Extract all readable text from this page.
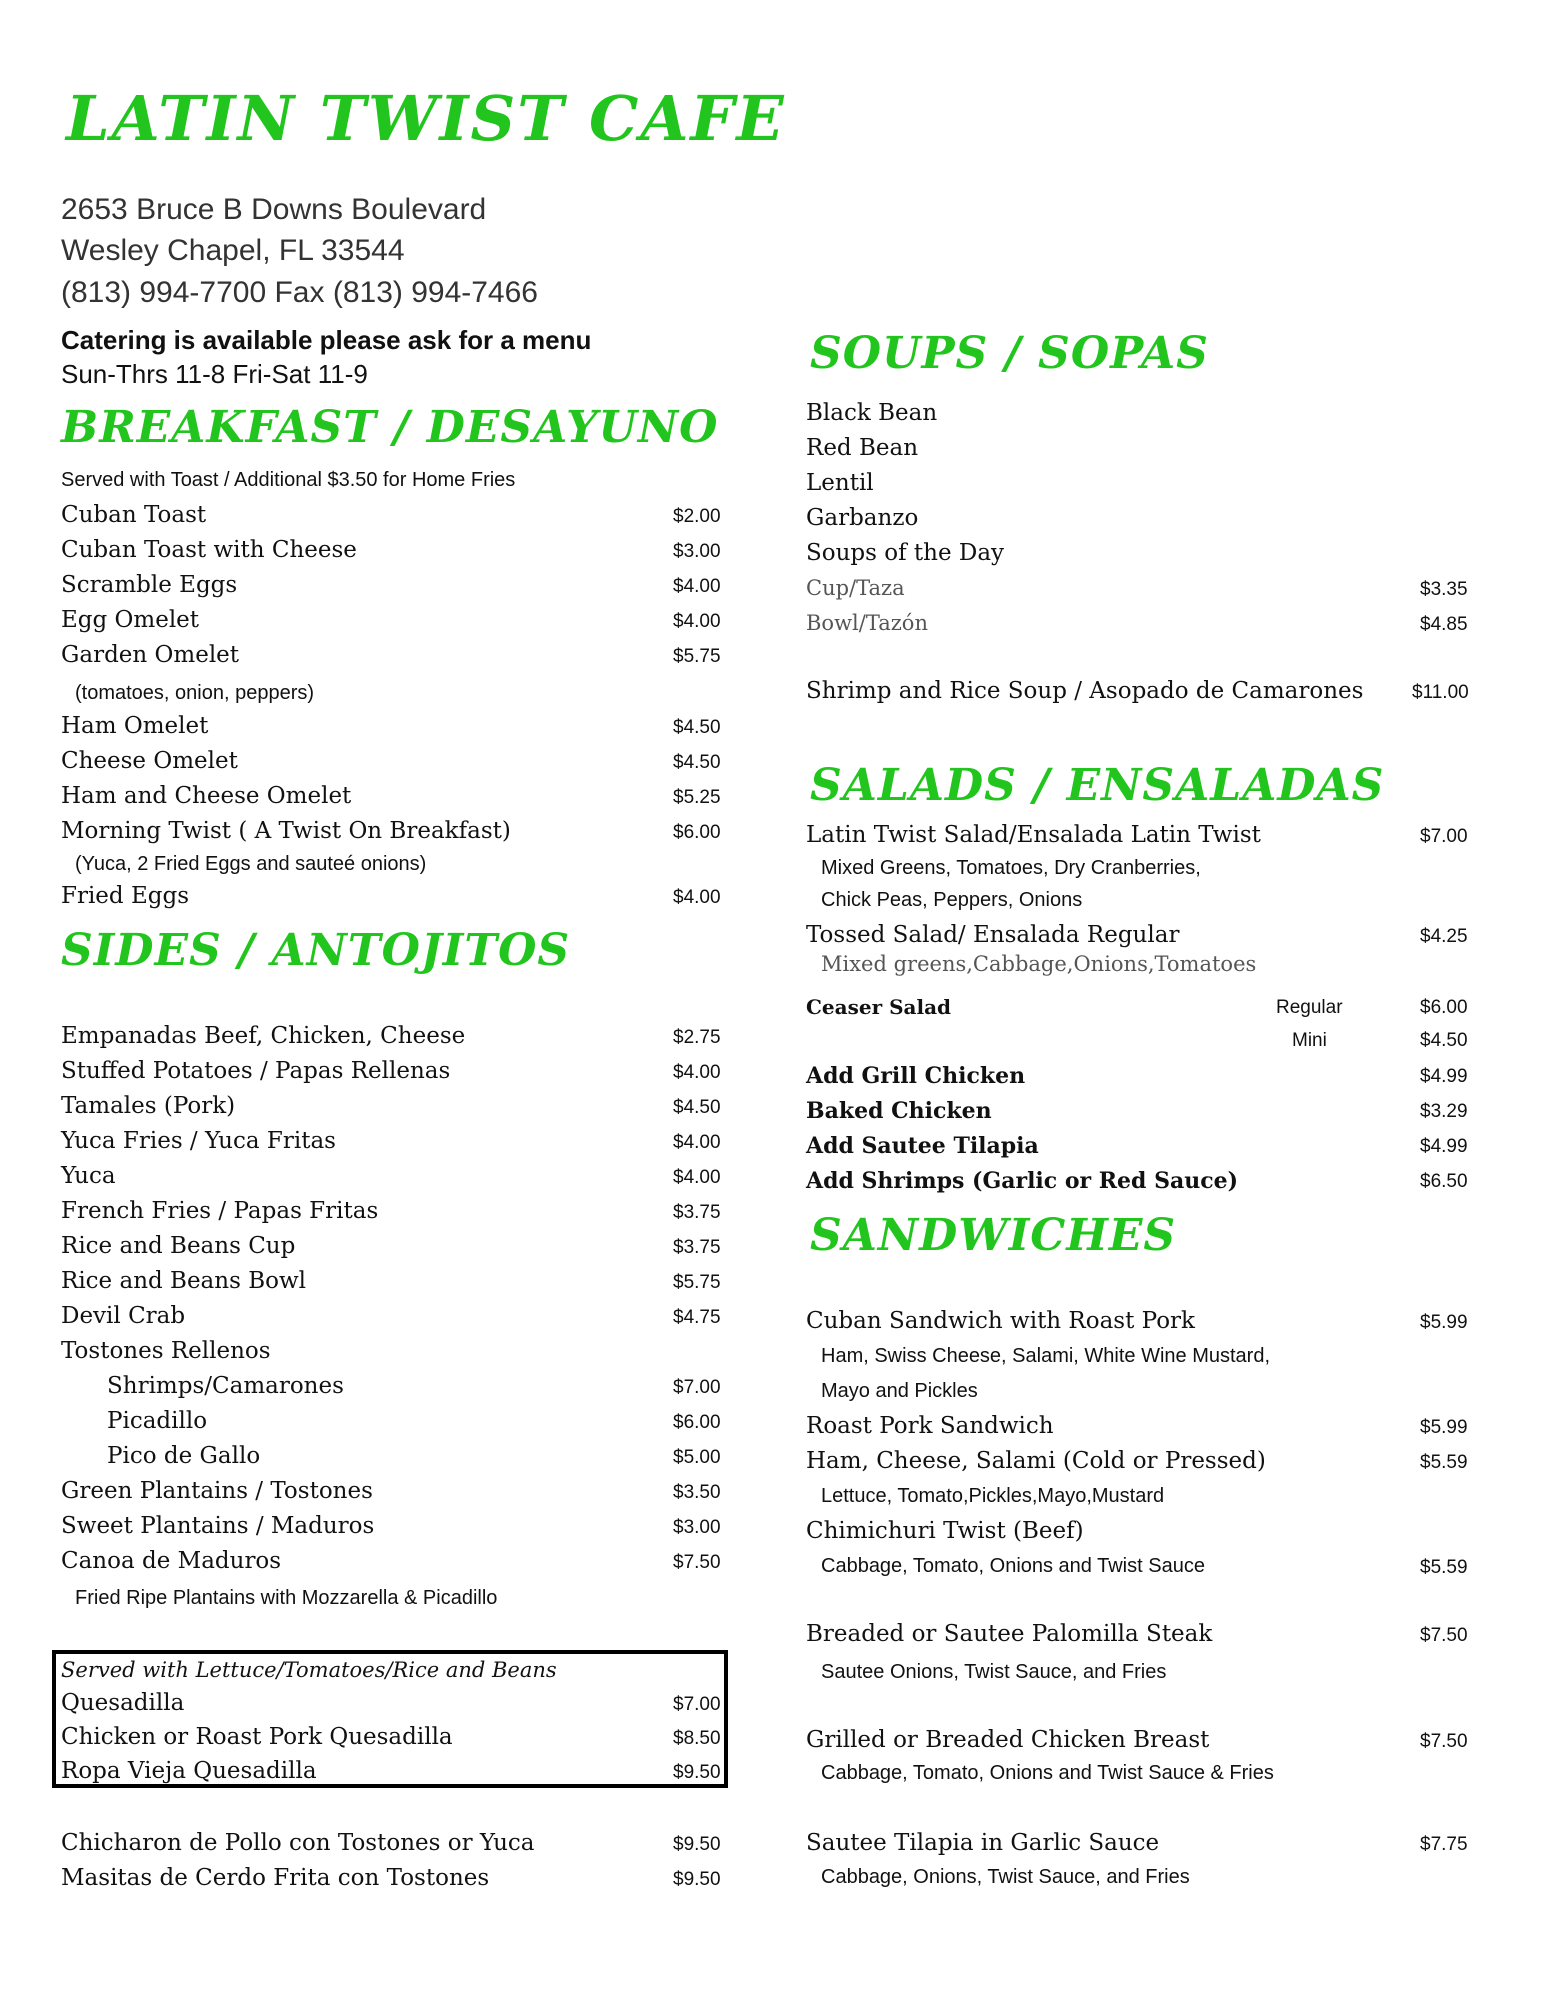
LATIN TWIST CAFE
2653 Bruce B Downs Boulevard
Wesley Chapel, FL 33544
(813) 994-7700 Fax (813) 994-7466
Catering is available please ask for a menu
Sun-Thrs 11-8 Fri-Sat 11-9
BREAKFAST / DESAYUNO
Served with Toast / Additional $3.50 for Home Fries
Cuban Toast	$2.00
Cuban Toast with Cheese	$3.00
Scramble Eggs	$4.00
Egg Omelet	$4.00
Garden Omelet	$5.75
(tomatoes, onion, peppers)
Ham Omelet	$4.50
Cheese Omelet	$4.50
Ham and Cheese Omelet	$5.25
Morning Twist ( A Twist On Breakfast)	$6.00
(Yuca, 2 Fried Eggs and sauteé onions)
Fried Eggs	$4.00
SIDES / ANTOJITOS
Empanadas Beef, Chicken, Cheese	$2.75
Stuffed Potatoes / Papas Rellenas	$4.00
Tamales (Pork)	$4.50
Yuca Fries / Yuca Fritas	$4.00
Yuca	$4.00
French Fries / Papas Fritas	$3.75
Rice and Beans Cup	$3.75
Rice and Beans Bowl	$5.75
Devil Crab	$4.75
Tostones Rellenos
Shrimps/Camarones	$7.00
Picadillo	$6.00
Pico de Gallo	$5.00
Green Plantains / Tostones	$3.50
Sweet Plantains / Maduros	$3.00
Canoa de Maduros	$7.50
Fried Ripe Plantains with Mozzarella & Picadillo
Served with Lettuce/Tomatoes/Rice and Beans
Quesadilla	$7.00
Chicken or Roast Pork Quesadilla	$8.50
Ropa Vieja Quesadilla	$9.50
Chicharon de Pollo con Tostones or Yuca	$9.50
Masitas de Cerdo Frita con Tostones	$9.50
SOUPS / SOPAS
Black Bean
Red Bean
Lentil
Garbanzo
Soups of the Day
Cup/Taza	$3.35
Bowl/Tazón	$4.85
Shrimp and Rice Soup / Asopado de Camarones	$11.00
SALADS / ENSALADAS
Latin Twist Salad/Ensalada Latin Twist	$7.00
Mixed Greens, Tomatoes, Dry Cranberries,
Chick Peas, Peppers, Onions
Tossed Salad/ Ensalada Regular	$4.25
Mixed greens,Cabbage,Onions,Tomatoes
Ceaser Salad	Regular	$6.00
Mini	$4.50
Add Grill Chicken	$4.99
Baked Chicken	$3.29
Add Sautee Tilapia	$4.99
Add Shrimps (Garlic or Red Sauce)	$6.50
SANDWICHES
Cuban Sandwich with Roast Pork	$5.99
Ham, Swiss Cheese, Salami, White Wine Mustard,
Mayo and Pickles
Roast Pork Sandwich	$5.99
Ham, Cheese, Salami (Cold or Pressed)	$5.59
Lettuce, Tomato,Pickles,Mayo,Mustard
Chimichuri Twist (Beef)
Cabbage, Tomato, Onions and Twist Sauce	$5.59
Breaded or Sautee Palomilla Steak	$7.50
Sautee Onions, Twist Sauce, and Fries
Grilled or Breaded Chicken Breast	$7.50
Cabbage, Tomato, Onions and Twist Sauce & Fries
Sautee Tilapia in Garlic Sauce	$7.75
Cabbage, Onions, Twist Sauce, and Fries
